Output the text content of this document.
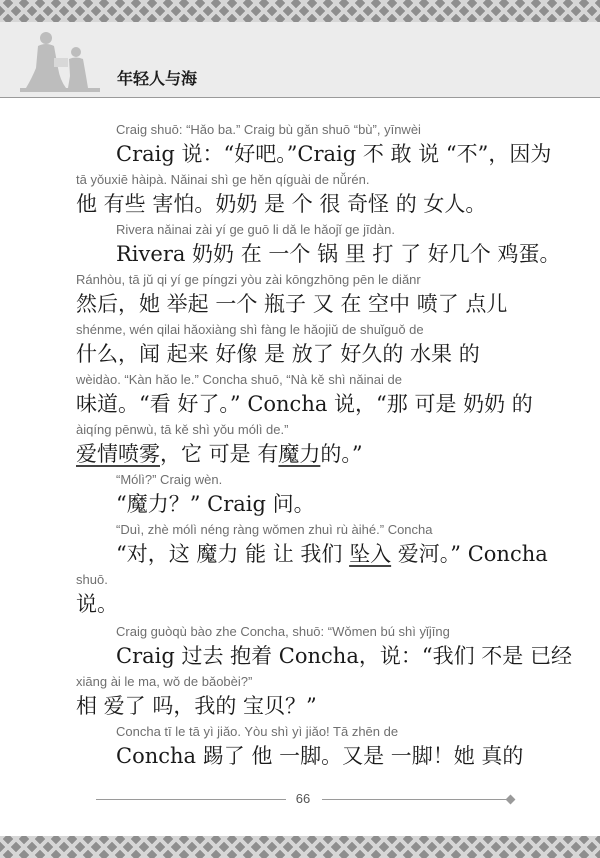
年轻人与海
Craig shuō: “Hǎo ba.” Craig bù gǎn shuō “bù”, yīnwèi
Craig 说：“好吧。”Craig 不 敢 说 “不”，因为
tā yǒuxiē hàipà. Nǎinai shì ge hěn qíguài de nǚrén.
他 有些 害怕。奶奶 是 个 很 奇怪 的 女人。
Rivera nǎinai zài yí ge guō li dǎ le hǎojǐ ge jīdàn.
Rivera 奶奶 在 一个 锅 里 打 了 好几个 鸡蛋。
Ránhòu, tā jǔ qi yí ge píngzi yòu zài kōngzhōng pēn le diǎnr
然后，她 举起 一个 瓶子 又 在 空中 喷了 点儿
shénme, wén qilai hǎoxiàng shì fàng le hǎojiǔ de shuǐguǒ de
什么，闻 起来 好像 是 放了 好久的 水果 的
wèidào. “Kàn hǎo le.” Concha shuō, “Nà kě shì nǎinai de
味道。“看 好了。” Concha 说，“那 可是 奶奶 的
àiqíng pēnwù, tā kě shì yǒu mólì de.”
爱情喷雾，它 可是 有魔力的。”
“Mólì?” Craig wèn.
“魔力？” Craig 问。
“Duì, zhè mólì néng ràng wǒmen zhuì rù àihé.” Concha
“对，这 魔力 能 让 我们 坠入 爱河。” Concha
shuō.
说。
Craig guòqù bào zhe Concha, shuō: “Wǒmen bú shì yǐjīng
Craig 过去 抱着 Concha，说：“我们 不是 已经
xiāng ài le ma, wǒ de bǎobèi?”
相 爱了 吗，我的 宝贝？”
Concha tī le tā yì jiǎo. Yòu shì yì jiǎo! Tā zhēn de
Concha 踢了 他 一脚。又是 一脚！她 真的
66
